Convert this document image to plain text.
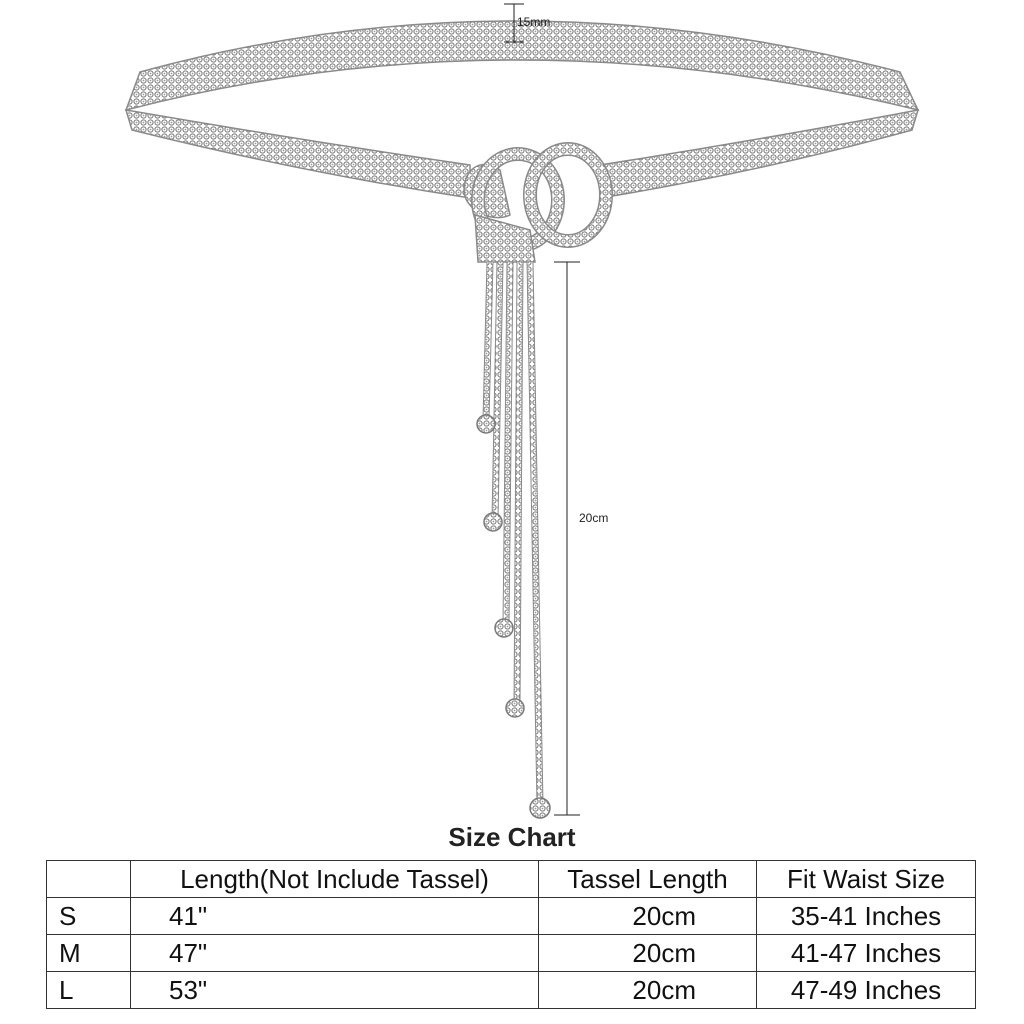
15mm
20cm
Size Chart
	Length(Not Include Tassel)	Tassel Length	Fit Waist Size
S	41"	20cm	35-41 Inches
M	47"	20cm	41-47 Inches
L	53"	20cm	47-49 Inches
